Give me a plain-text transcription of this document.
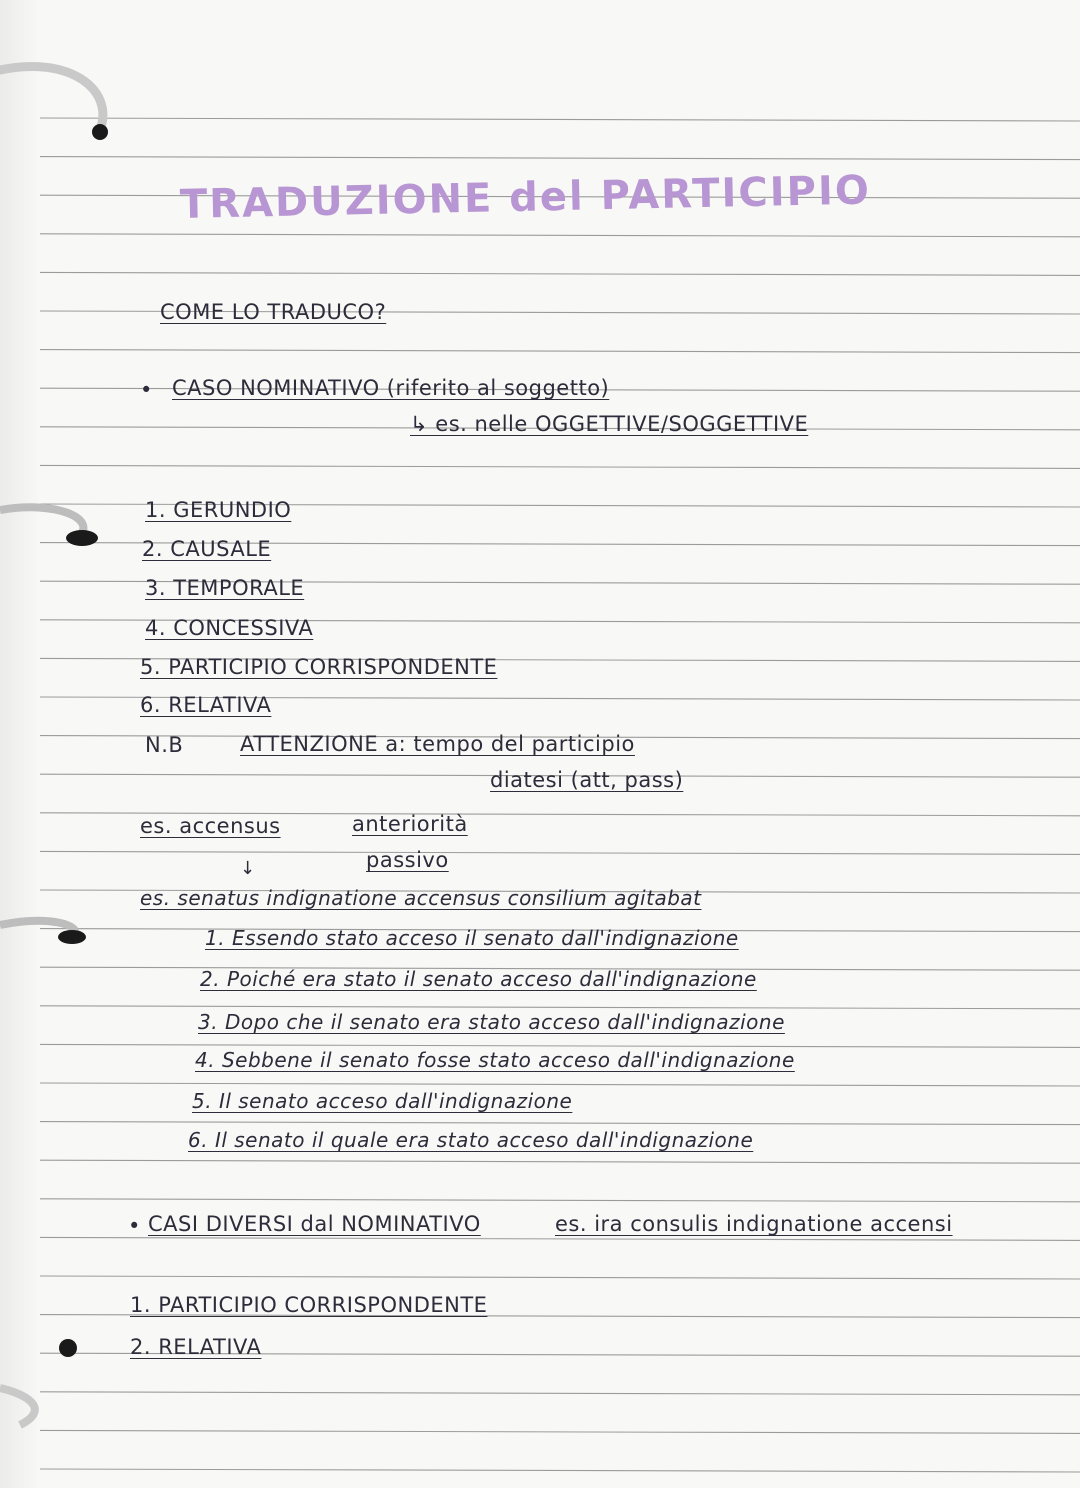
TRADUZIONE del PARTICIPIO

COME LO TRADUCO?

• CASO NOMINATIVO (riferito al soggetto)

↳ es. nelle OGGETTIVE/SOGGETTIVE

1. GERUNDIO

2. CAUSALE

3. TEMPORALE

4. CONCESSIVA

5. PARTICIPIO CORRISPONDENTE

6. RELATIVA

N.B	ATTENZIONE a: tempo del participio

diatesi (att, pass)

es. accensus	anteriorità

passivo

↓

es. senatus indignatione accensus consilium agitabat

1. Essendo stato acceso il senato dall'indignazione

2. Poiché era stato il senato acceso dall'indignazione

3. Dopo che il senato era stato acceso dall'indignazione

4. Sebbene il senato fosse stato acceso dall'indignazione

5. Il senato acceso dall'indignazione

6. Il senato il quale era stato acceso dall'indignazione

• CASI DIVERSI dal NOMINATIVO	es. ira consulis indignatione accensi

1. PARTICIPIO CORRISPONDENTE

2. RELATIVA
